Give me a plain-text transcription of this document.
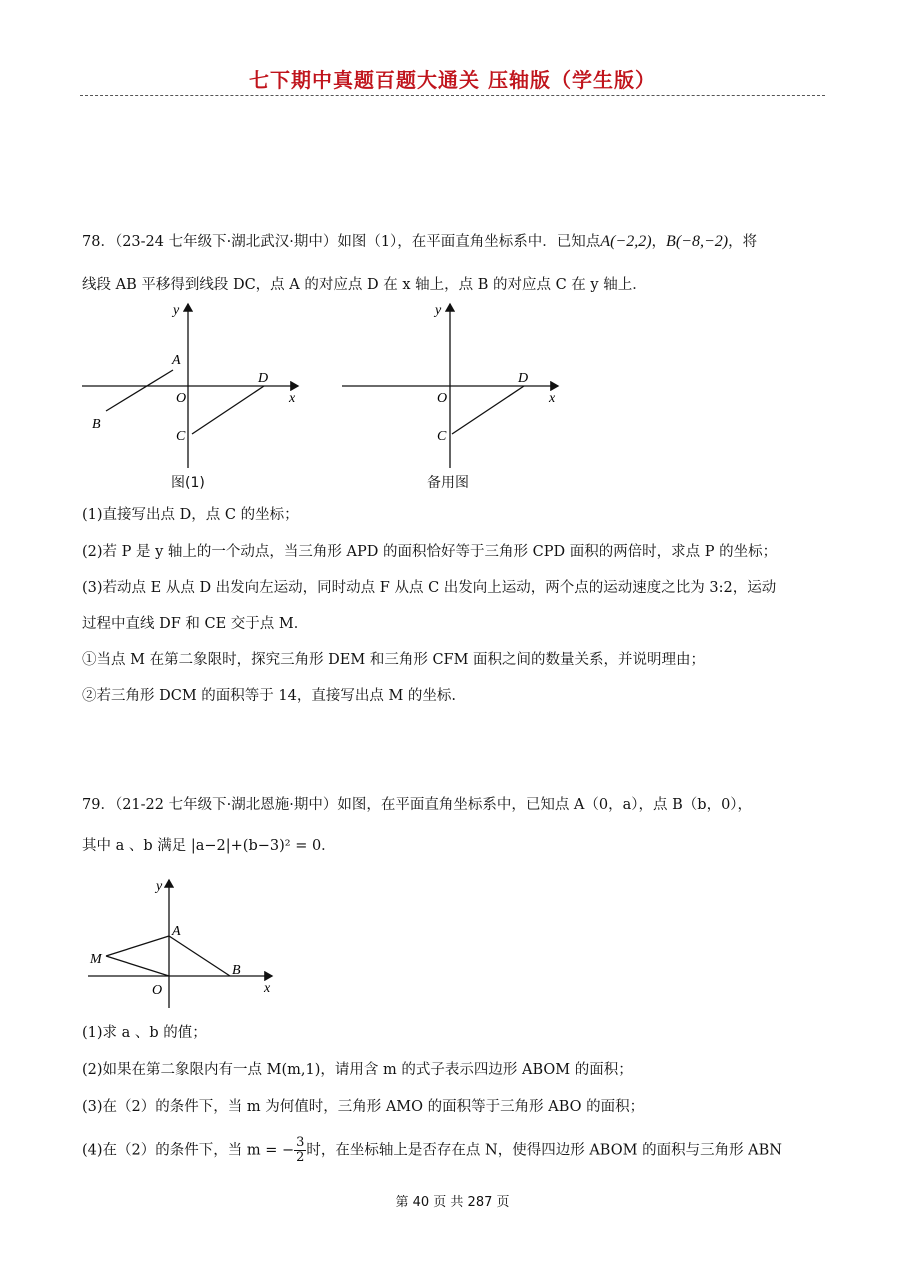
七下期中真题百题大通关 压轴版（学生版）
78．（23-24 七年级下·湖北武汉·期中）如图（1），在平面直角坐标系中．已知点A(−2,2)，B(−8,−2)，将
线段 AB 平移得到线段 DC，点 A 的对应点 D 在 x 轴上，点 B 的对应点 C 在 y 轴上．
y
x
A
B
C
D
O
图(1)
y
x
C
D
O
备用图
(1)直接写出点 D，点 C 的坐标；
(2)若 P 是 y 轴上的一个动点，当三角形 APD 的面积恰好等于三角形 CPD 面积的两倍时，求点 P 的坐标；
(3)若动点 E 从点 D 出发向左运动，同时动点 F 从点 C 出发向上运动，两个点的运动速度之比为 3:2，运动
过程中直线 DF 和 CE 交于点 M．
①当点 M 在第二象限时，探究三角形 DEM 和三角形 CFM 面积之间的数量关系，并说明理由；
②若三角形 DCM 的面积等于 14，直接写出点 M 的坐标.
79．（21-22 七年级下·湖北恩施·期中）如图，在平面直角坐标系中，已知点 A（0，a），点 B（b，0），
其中 a 、b 满足 |a−2|+(b−3)² = 0．
y
x
A
B
M
O
(1)求 a 、b 的值；
(2)如果在第二象限内有一点 M(m,1)，请用含 m 的式子表示四边形 ABOM 的面积；
(3)在（2）的条件下，当 m 为何值时，三角形 AMO 的面积等于三角形 ABO 的面积；
(4)在（2）的条件下，当 m = − $\frac{3}{2}$ 时，在坐标轴上是否存在点 N，使得四边形 ABOM 的面积与三角形 ABN
第 40 页 共 287 页
